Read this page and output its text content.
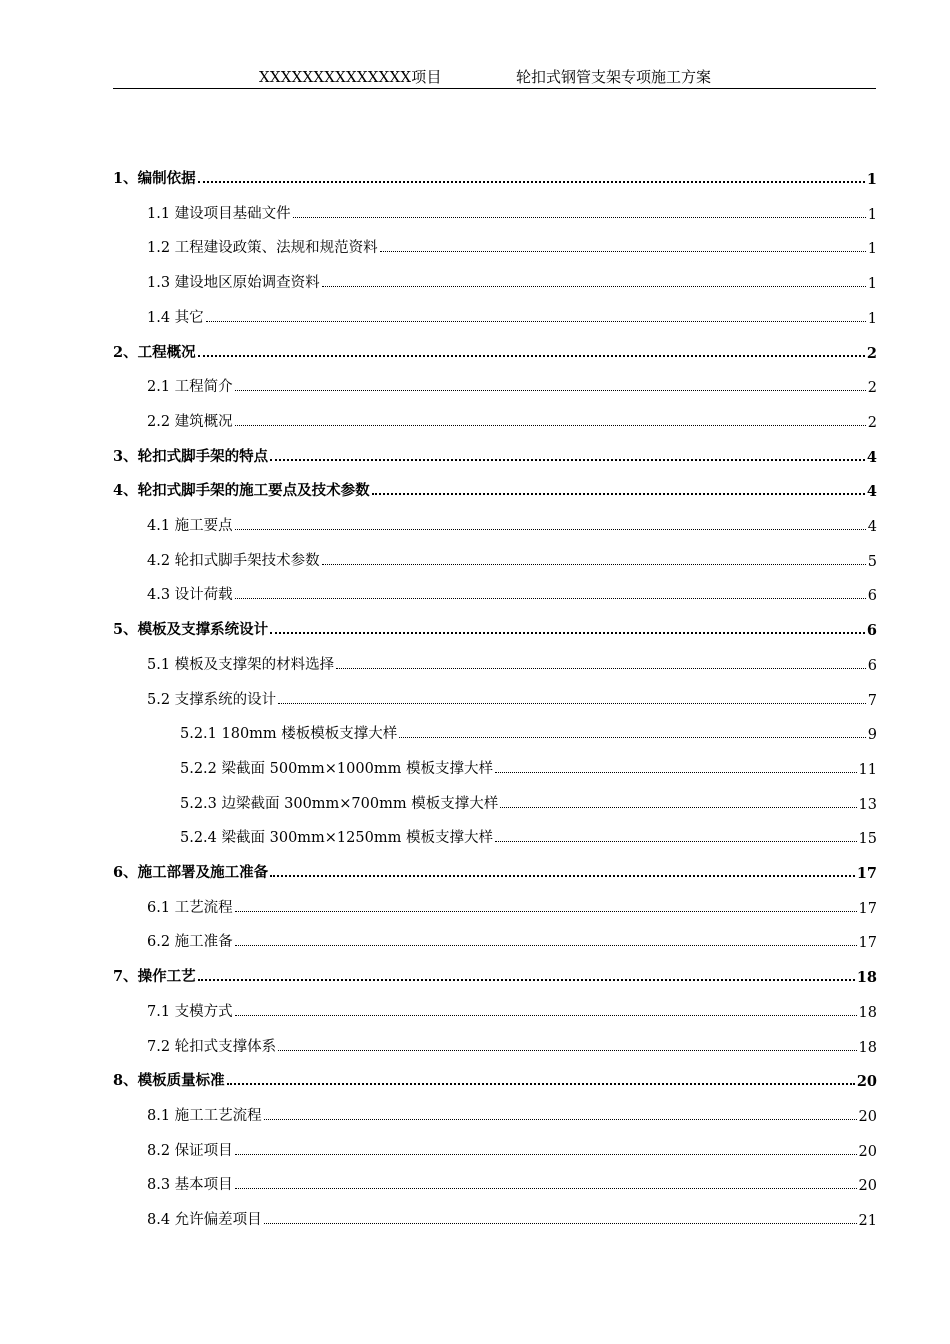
XXXXXXXXXXXXXX项目	轮扣式钢管支架专项施工方案
1、编制依据	1
1.1 建设项目基础文件	1
1.2 工程建设政策、法规和规范资料	1
1.3 建设地区原始调查资料	1
1.4 其它	1
2、工程概况	2
2.1 工程简介	2
2.2 建筑概况	2
3、轮扣式脚手架的特点	4
4、轮扣式脚手架的施工要点及技术参数	4
4.1 施工要点	4
4.2 轮扣式脚手架技术参数	5
4.3 设计荷载	6
5、模板及支撑系统设计	6
5.1 模板及支撑架的材料选择	6
5.2 支撑系统的设计	7
5.2.1 180mm 楼板模板支撑大样	9
5.2.2 梁截面 500mm×1000mm 模板支撑大样	11
5.2.3 边梁截面 300mm×700mm 模板支撑大样	13
5.2.4 梁截面 300mm×1250mm 模板支撑大样	15
6、施工部署及施工准备	17
6.1 工艺流程	17
6.2 施工准备	17
7、操作工艺	18
7.1 支模方式	18
7.2 轮扣式支撑体系	18
8、模板质量标准	20
8.1 施工工艺流程	20
8.2 保证项目	20
8.3 基本项目	20
8.4 允许偏差项目	21
